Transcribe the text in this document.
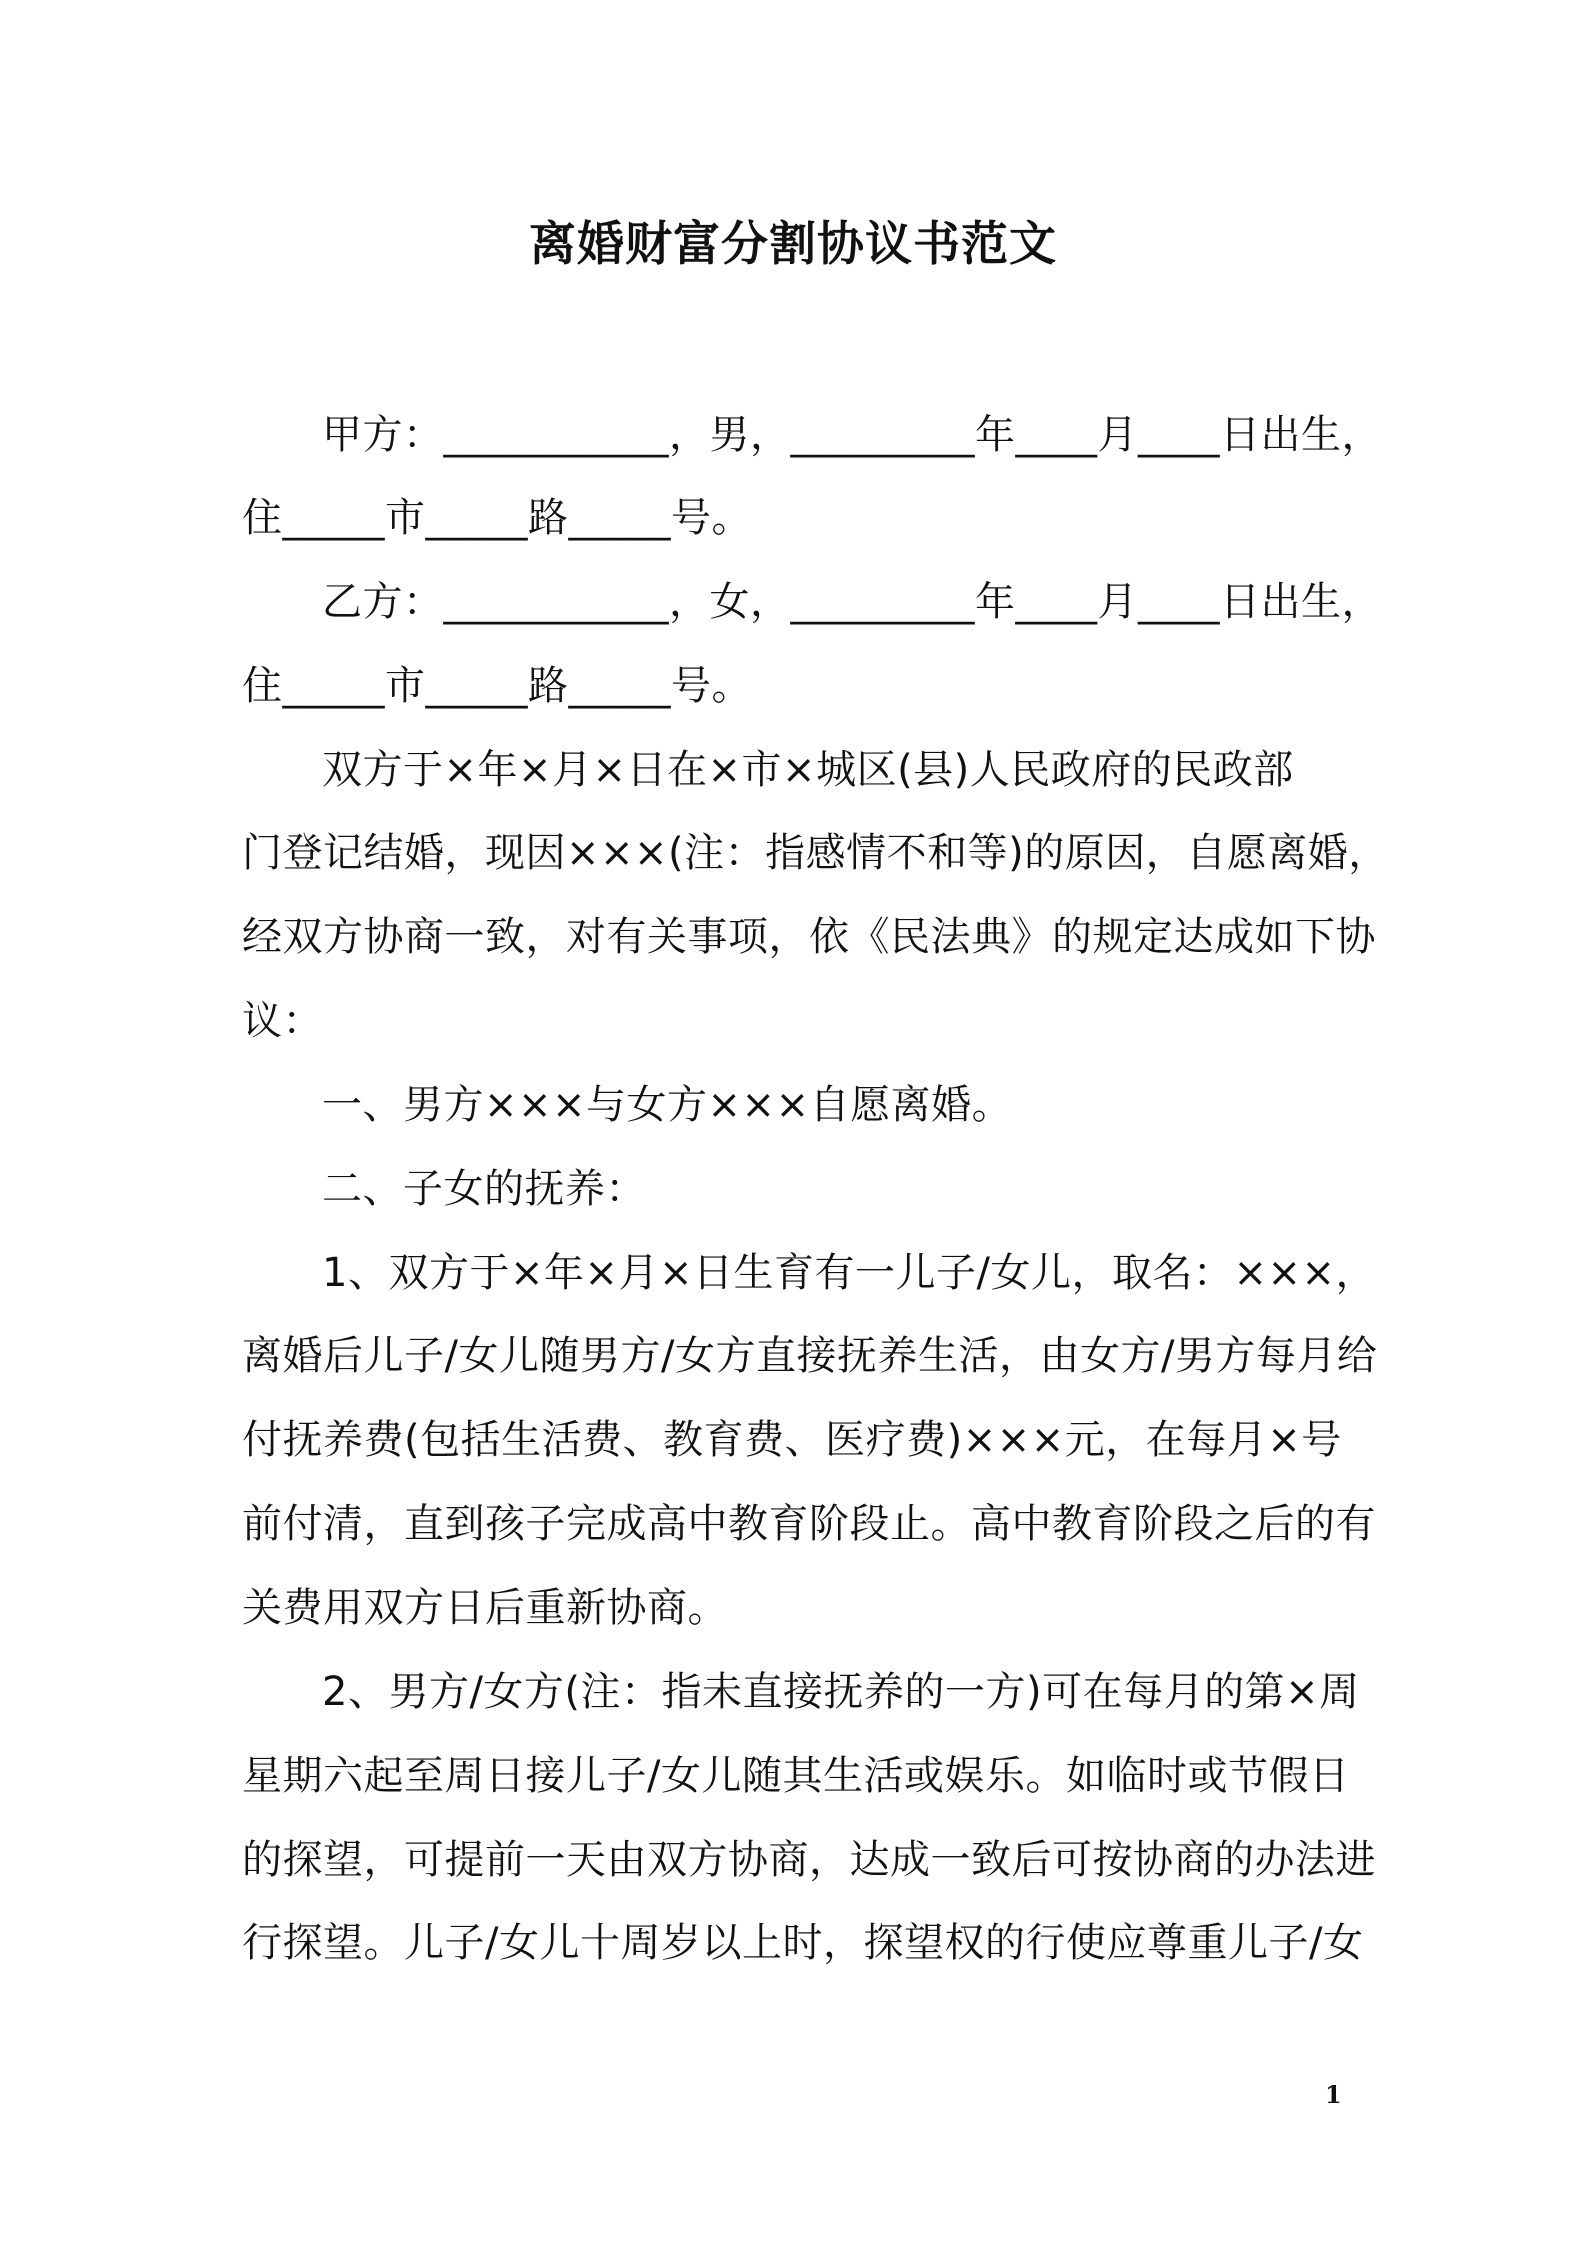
离婚财富分割协议书范文
甲方：___________，男，_________年____月____日出生，
住_____市_____路_____号。
乙方：___________，女，_________年____月____日出生，
住_____市_____路_____号。
双方于×年×月×日在×市×城区(县)人民政府的民政部
门登记结婚，现因×××(注：指感情不和等)的原因，自愿离婚，
经双方协商一致，对有关事项，依《民法典》的规定达成如下协
议：
一、男方×××与女方×××自愿离婚。
二、子女的抚养：
1、双方于×年×月×日生育有一儿子/女儿，取名：×××，
离婚后儿子/女儿随男方/女方直接抚养生活，由女方/男方每月给
付抚养费(包括生活费、教育费、医疗费)×××元，在每月×号
前付清，直到孩子完成高中教育阶段止。高中教育阶段之后的有
关费用双方日后重新协商。
2、男方/女方(注：指未直接抚养的一方)可在每月的第×周
星期六起至周日接儿子/女儿随其生活或娱乐。如临时或节假日
的探望，可提前一天由双方协商，达成一致后可按协商的办法进
行探望。儿子/女儿十周岁以上时，探望权的行使应尊重儿子/女
1
